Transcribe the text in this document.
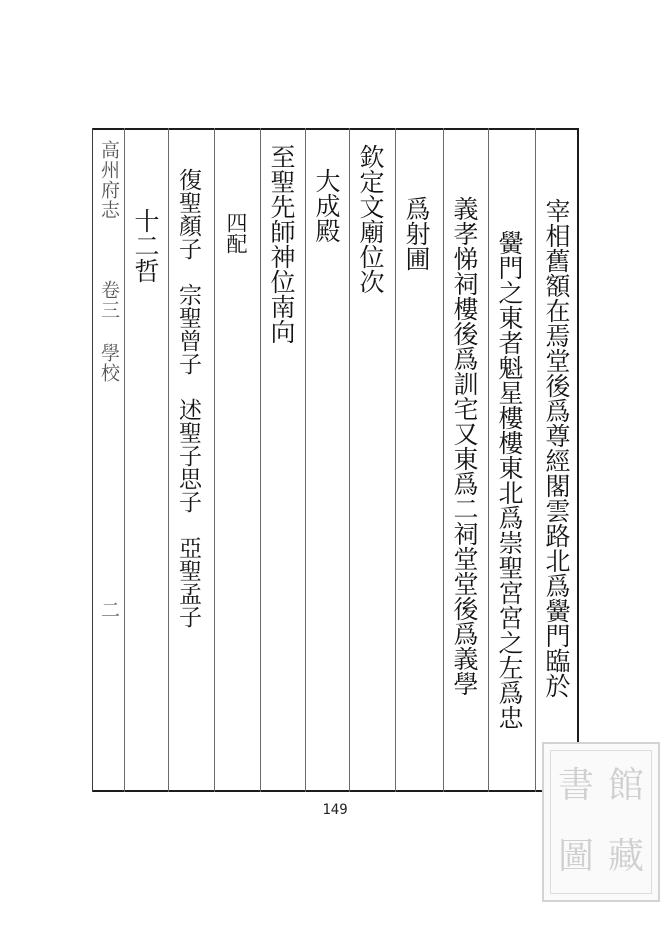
宰相舊額在焉堂後爲尊經閣雲路北爲黌門臨於
黌門之東者魁星樓樓東北爲崇聖宮宮之左爲忠
義孝悌祠樓後爲訓宅又東爲二祠堂堂後爲義學
爲射圃
欽定文廟位次
大成殿
至聖先師神位南向
四配
復聖顏子　宗聖曾子　述聖子思子　亞聖孟子
十二哲
高州府志
卷三 學校
二
149
書 館
圖 藏
